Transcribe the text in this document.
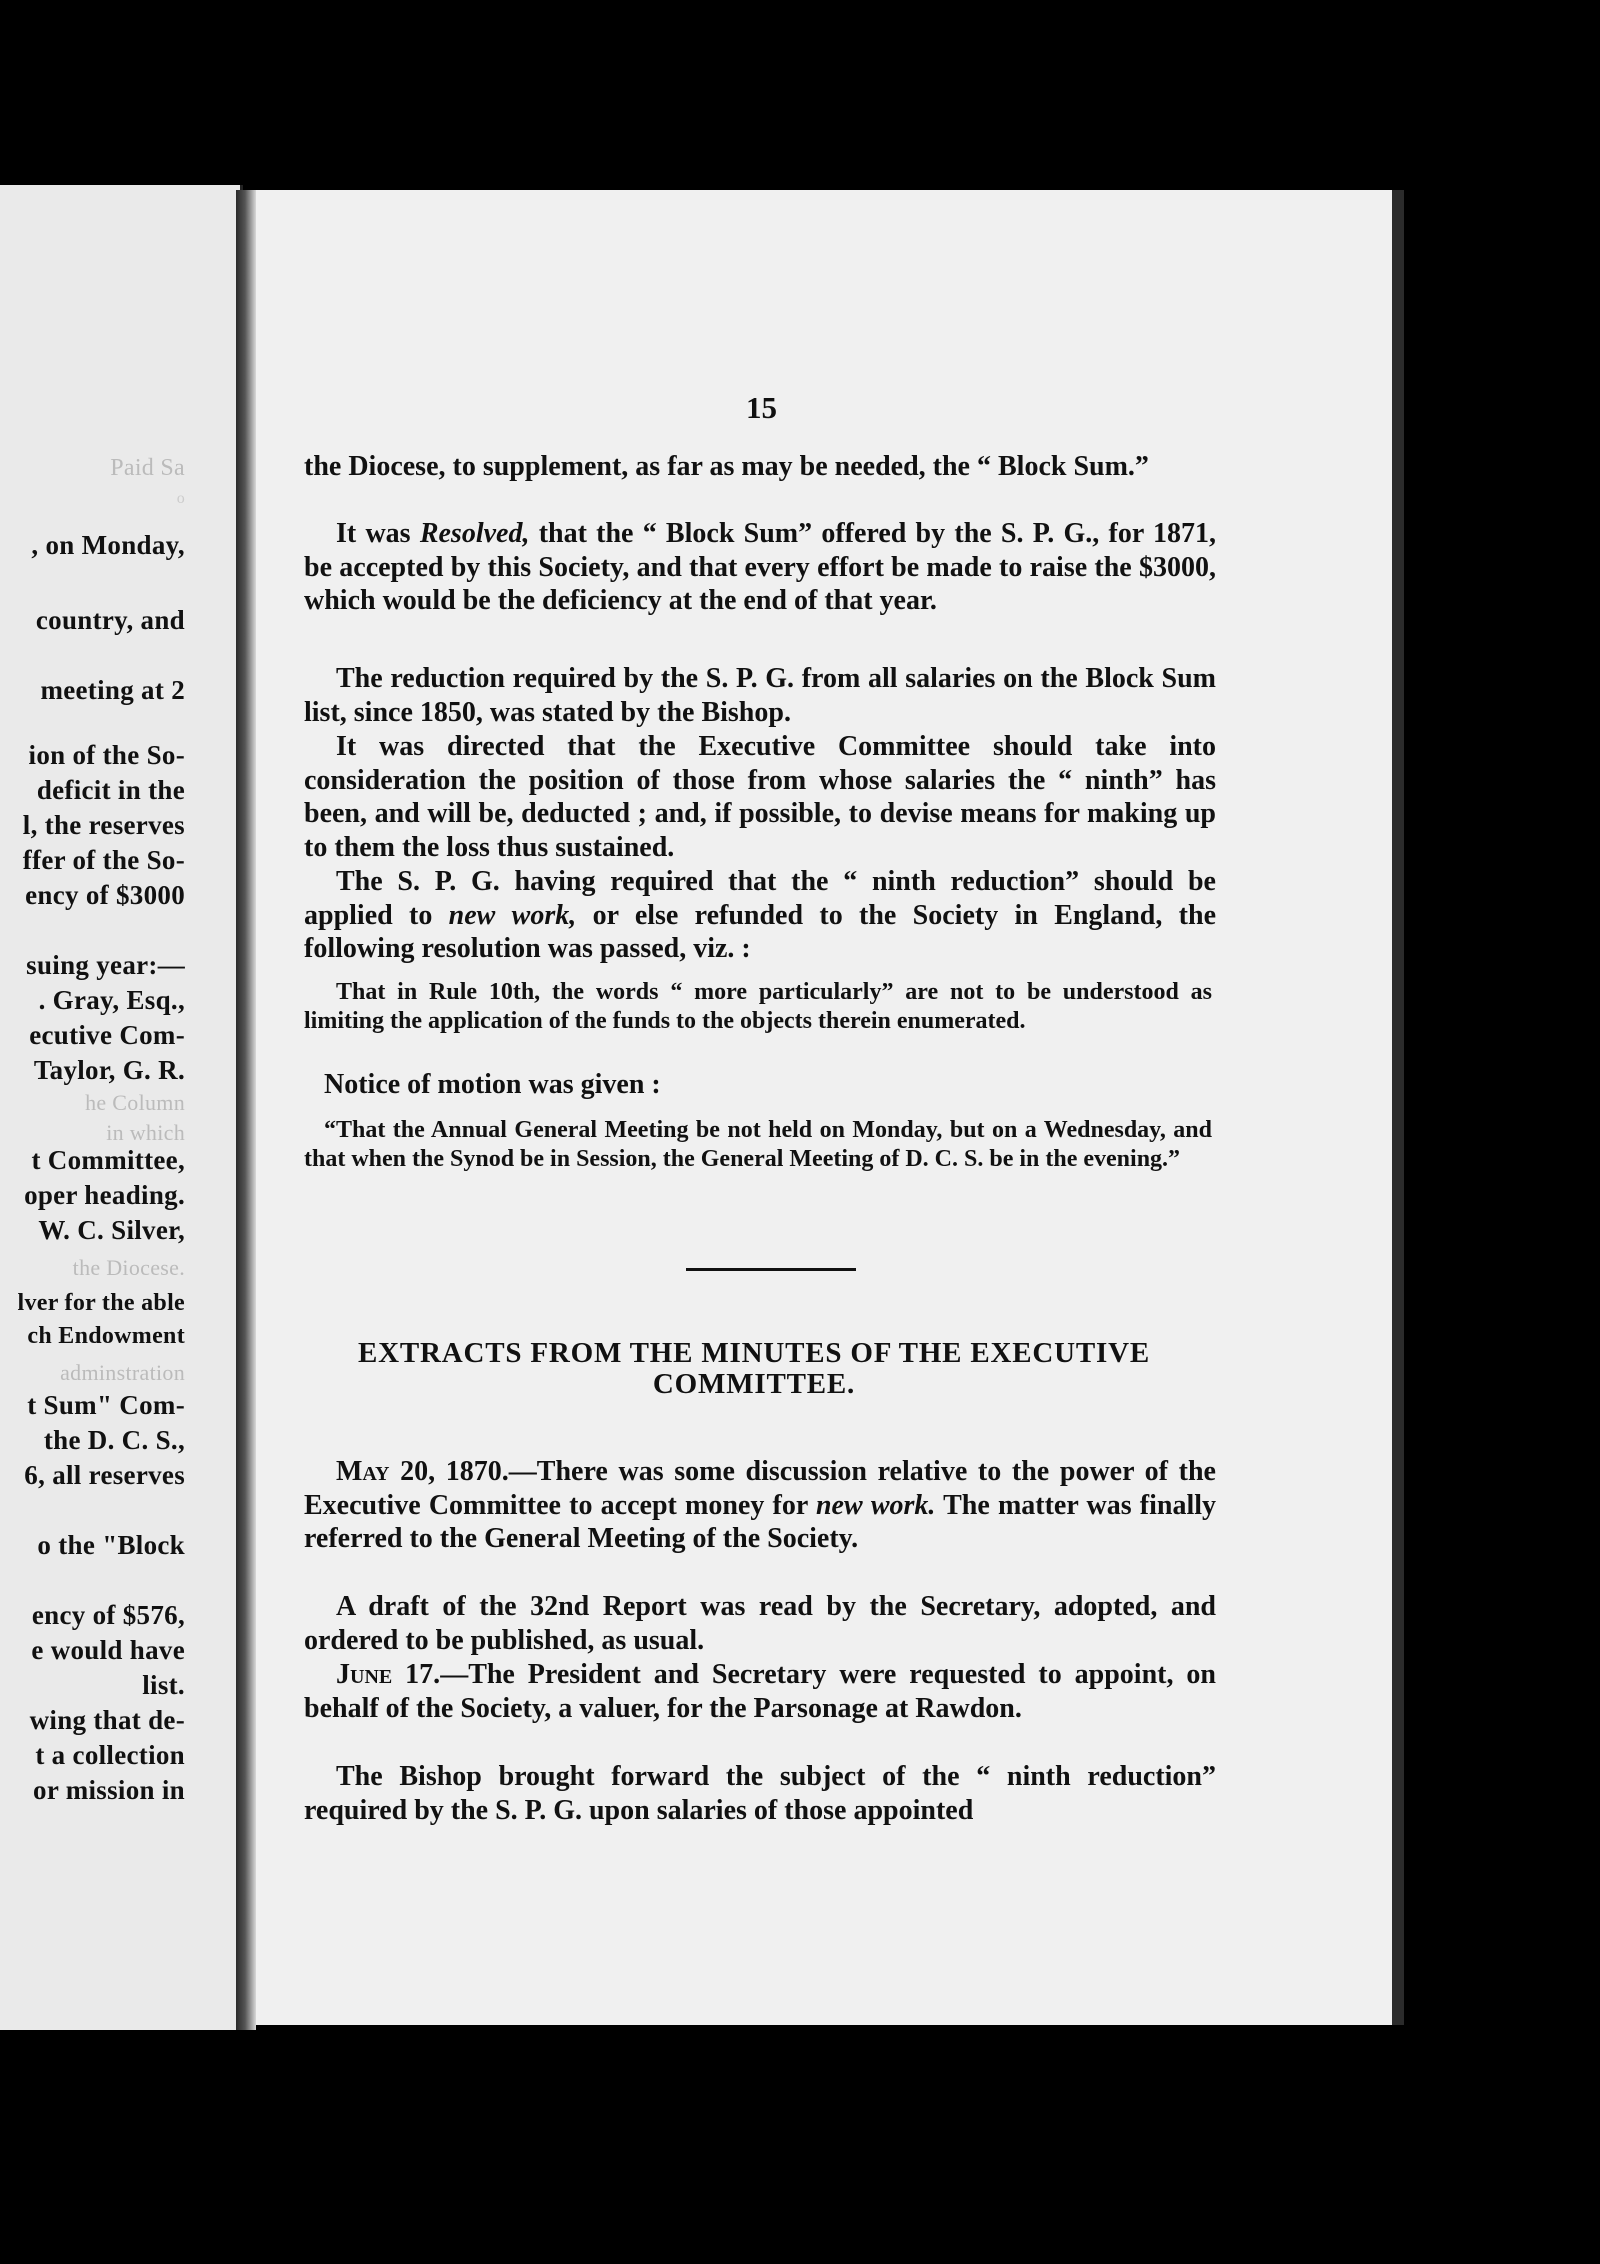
Paid Sa
o
, on Monday,
country, and
meeting at 2
ion of the So-
deficit in the
l, the reserves
ffer of the So-
ency of $3000
suing year:—
. Gray, Esq.,
ecutive Com-
Taylor, G. R.
he Column
in which
t Committee,
oper heading.
W. C. Silver,
the Diocese.
lver for the able
ch Endowment
adminstration
t Sum" Com-
the D. C. S.,
6, all reserves
o the "Block
ency of $576,
e would have
list.
wing that de-
t a collection
or mission in
15
the Diocese, to supplement, as far as may be needed, the “ Block Sum.”
It was Resolved, that the “ Block Sum” offered by the S. P. G., for 1871, be accepted by this Society, and that every effort be made to raise the $3000, which would be the deficiency at the end of that year.
The reduction required by the S. P. G. from all salaries on the Block Sum list, since 1850, was stated by the Bishop.
It was directed that the Executive Committee should take into consideration the position of those from whose salaries the “ ninth” has been, and will be, deducted ; and, if possible, to devise means for making up to them the loss thus sustained.
The S. P. G. having required that the “ ninth reduction” should be applied to new work, or else refunded to the Society in England, the following resolution was passed, viz. :
That in Rule 10th, the words “ more particularly” are not to be understood as limiting the application of the funds to the objects therein enumerated.
Notice of motion was given :
“That the Annual General Meeting be not held on Monday, but on a Wednesday, and that when the Synod be in Session, the General Meeting of D. C. S. be in the evening.”
EXTRACTS FROM THE MINUTES OF THE EXECUTIVE
COMMITTEE.
May 20, 1870.—There was some discussion relative to the power of the Executive Committee to accept money for new work. The matter was finally referred to the General Meeting of the Society.
A draft of the 32nd Report was read by the Secretary, adopted, and ordered to be published, as usual.
June 17.—The President and Secretary were requested to appoint, on behalf of the Society, a valuer, for the Parsonage at Rawdon.
The Bishop brought forward the subject of the “ ninth reduction” required by the S. P. G. upon salaries of those appointed
